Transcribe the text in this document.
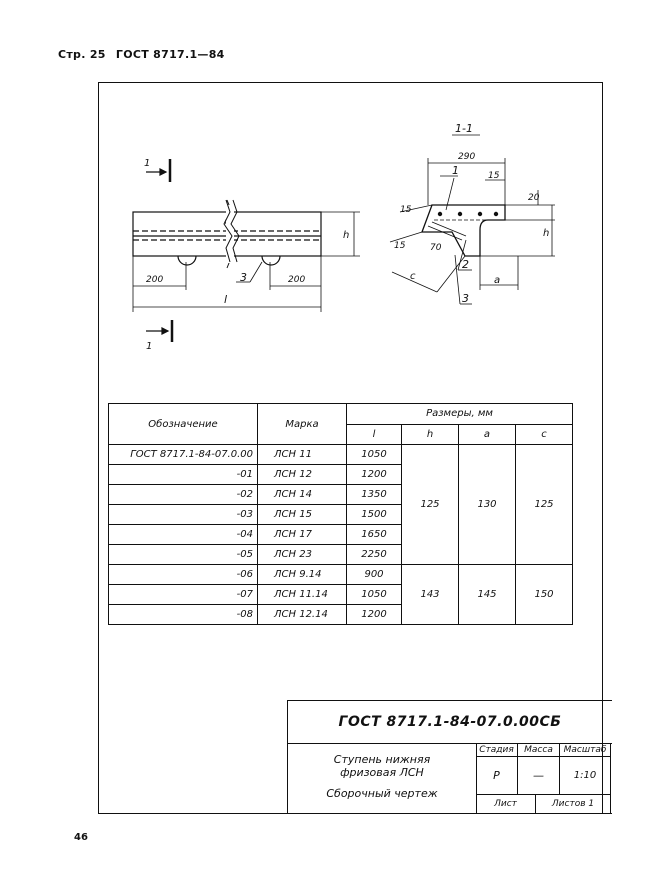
Стр. 25 ГОСТ 8717.1—84
1
1
1-1
200	200
l
h
3
290
15
20
h
15
15	70
c	a
1
2
3
Обозначение	Марка	Размеры, мм			
		l	h	a	c
ГОСТ 8717.1-84-07.0.00	ЛСН 11	1050	125	130	125
-01	ЛСН 12	1200			
-02	ЛСН 14	1350			
-03	ЛСН 15	1500			
-04	ЛСН 17	1650			
-05	ЛСН 23	2250			
-06	ЛСН 9.14	900	143	145	150
-07	ЛСН 11.14	1050			
-08	ЛСН 12.14	1200			
ГОСТ 8717.1-84-07.0.00СБ
Ступень нижняя
фризовая ЛСН
Сборочный чертеж
Стадия	Масса	Масштаб
Р	—	1:10
Лист	Листов 1
46
